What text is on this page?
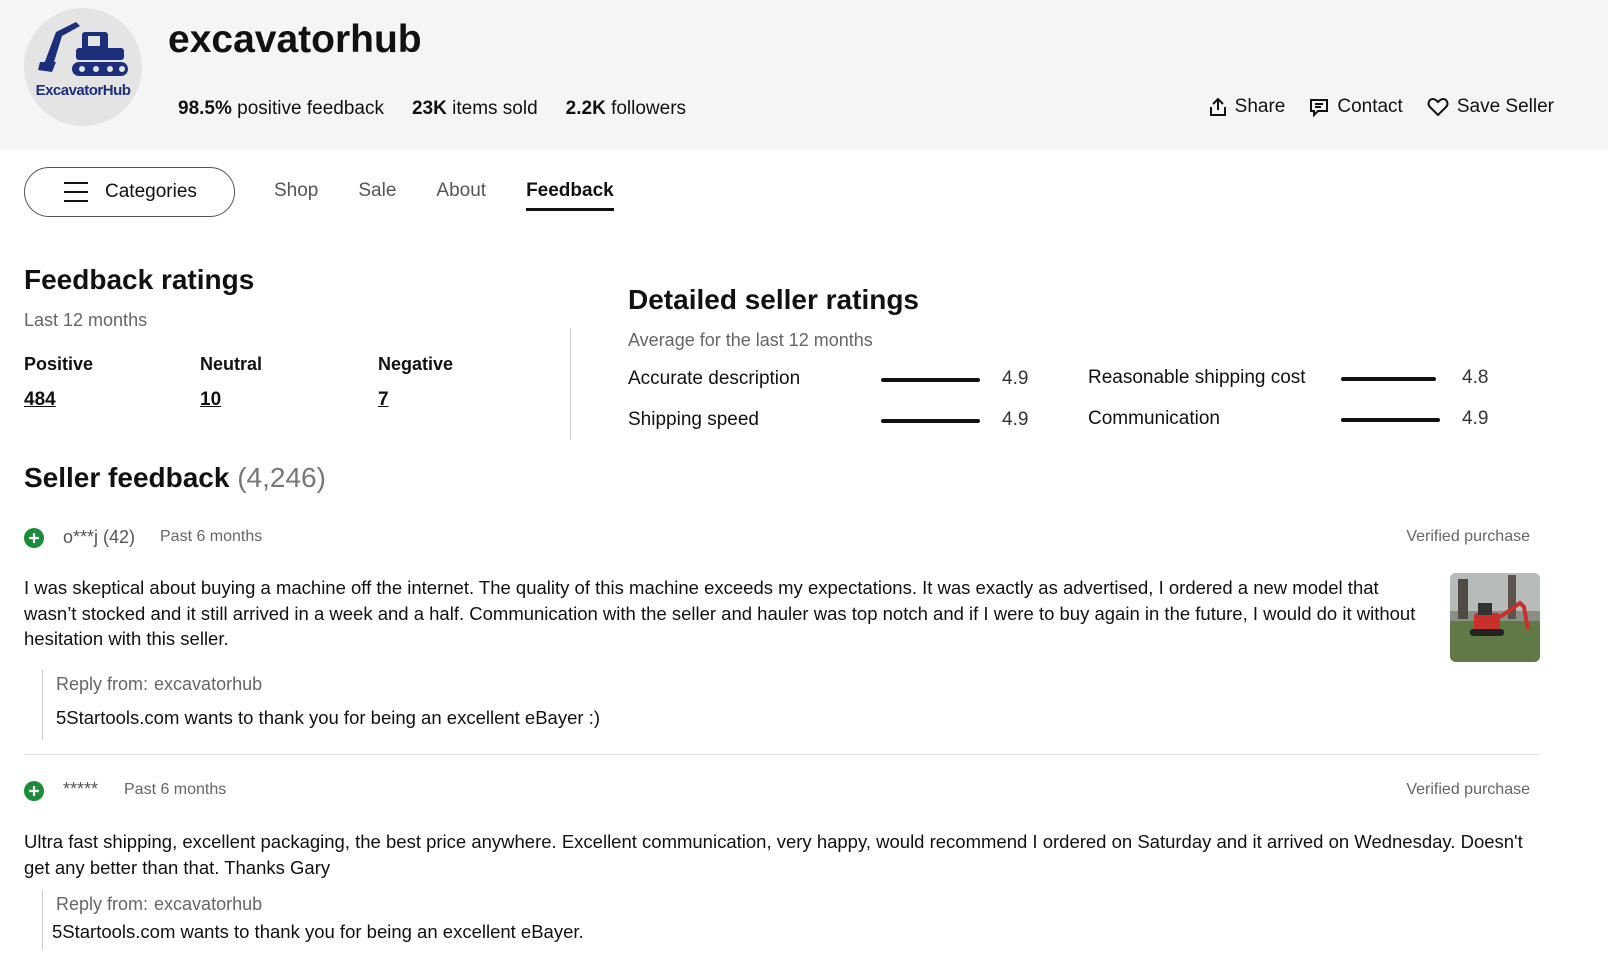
ExcavatorHub
excavatorhub
98.5% positive feedback 23K items sold 2.2K followers	Share	Contact	Save Seller
Categories	Shop Sale About Feedback
Feedback ratings
Last 12 months
Positive
484
Neutral
10
Negative
7
Detailed seller ratings
Average for the last 12 months
Accurate description	4.9
Shipping speed	4.9
Reasonable shipping cost	4.8
Communication	4.9
Seller feedback (4,246)
o***j (42) Past 6 months	Verified purchase
I was skeptical about buying a machine off the internet. The quality of this machine exceeds my expectations. It was exactly as advertised, I ordered a new model that wasn’t stocked and it still arrived in a week and a half. Communication with the seller and hauler was top notch and if I were to buy again in the future, I would do it without hesitation with this seller.
Reply from: excavatorhub
5Startools.com wants to thank you for being an excellent eBayer :)
***** Past 6 months	Verified purchase
Ultra fast shipping, excellent packaging, the best price anywhere. Excellent communication, very happy, would recommend I ordered on Saturday and it arrived on Wednesday. Doesn't get any better than that. Thanks Gary
Reply from: excavatorhub
5Startools.com wants to thank you for being an excellent eBayer.
